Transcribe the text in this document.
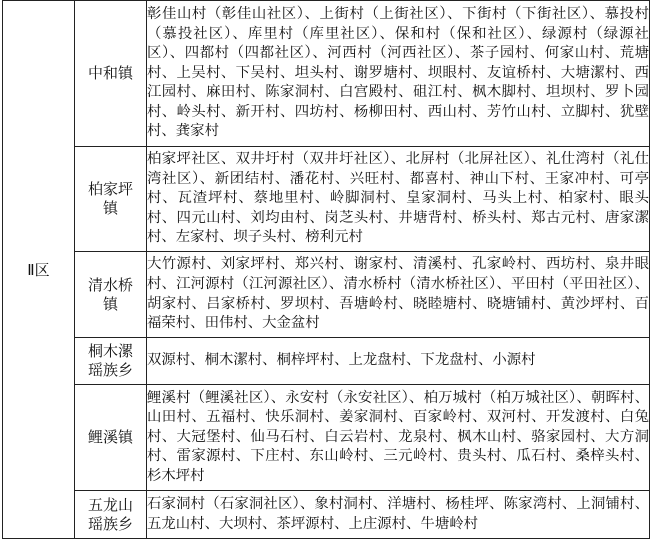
Ⅱ区	中和镇	彰佳山村（彰佳山社区）、上街村（上街社区）、下街村（下街社区）、慕投村（慕投社区）、库里村（库里社区）、保和村（保和社区）、绿源村（绿源社区）、四都村（四都社区）、河西村（河西社区）、茶子园村、何家山村、荒塘村、上吴村、下吴村、坦头村、谢罗塘村、坝眼村、友谊桥村、大塘潔村、西江园村、麻田村、陈家洞村、白宫殿村、砠江村、枫木脚村、坦坝村、罗卜园村、岭头村、新开村、四坊村、杨柳田村、西山村、芳竹山村、立脚村、犹壁村、龚家村
	柏家坪镇	柏家坪社区、双井圩村（双井圩社区）、北屏村（北屏社区）、礼仕湾村（礼仕湾社区）、新团结村、潘花村、兴旺村、都喜村、神山下村、王家冲村、可亭村、瓦渣坪村、蔡地里村、岭脚洞村、皇家洞村、马头上村、柏家村、眼头村、四元山村、刘均由村、岗芝头村、井塘背村、桥头村、郑古元村、唐家潔村、左家村、坝子头村、榜利元村
	清水桥镇	大竹源村、刘家坪村、郑兴村、谢家村、清溪村、孔家岭村、西坊村、泉井眼村、江河源村（江河源社区）、清水桥村（清水桥社区）、平田村（平田社区）、胡家村、吕家桥村、罗坝村、吾塘岭村、晓睦塘村、晓塘铺村、黄沙坪村、百福荣村、田伟村、大金盆村
	桐木漯瑶族乡	双源村、桐木潔村、桐梓坪村、上龙盘村、下龙盘村、小源村
	鲤溪镇	鲤溪村（鲤溪社区）、永安村（永安社区）、柏万城村（柏万城社区）、朝晖村、山田村、五福村、快乐洞村、姜家洞村、百家岭村、双河村、开发渡村、白兔村、大冠堡村、仙马石村、白云岩村、龙泉村、枫木山村、骆家园村、大方洞村、雷家源村、下庄村、东山岭村、三元岭村、贵头村、瓜石村、桑梓头村、杉木坪村
	五龙山瑶族乡	石家洞村（石家洞社区）、象村洞村、洋塘村、杨桂坪、陈家湾村、上洞铺村、五龙山村、大坝村、茶坪源村、上庄源村、牛塘岭村
